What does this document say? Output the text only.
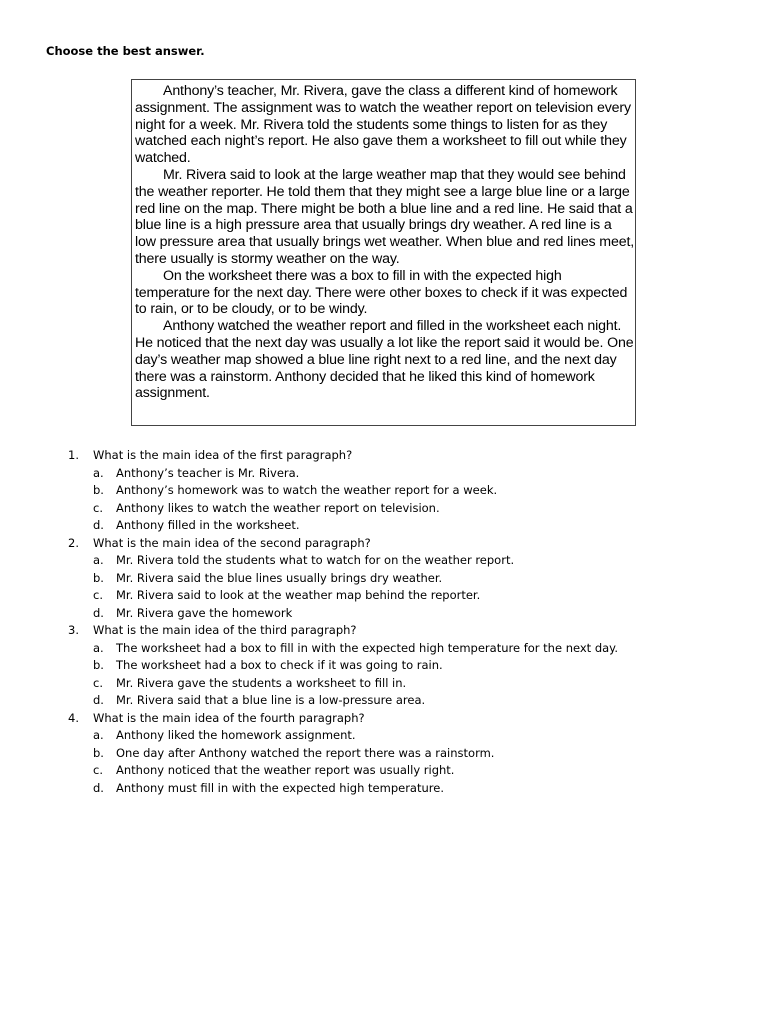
Choose the best answer.

Anthony’s teacher, Mr. Rivera, gave the class a different kind of homework assignment. The assignment was to watch the weather report on television every night for a week. Mr. Rivera told the students some things to listen for as they watched each night’s report. He also gave them a worksheet to fill out while they watched.

Mr. Rivera said to look at the large weather map that they would see behind the weather reporter. He told them that they might see a large blue line or a large red line on the map. There might be both a blue line and a red line. He said that a blue line is a high pressure area that usually brings dry weather. A red line is a low pressure area that usually brings wet weather. When blue and red lines meet, there usually is stormy weather on the way.

On the worksheet there was a box to fill in with the expected high temperature for the next day. There were other boxes to check if it was expected to rain, or to be cloudy, or to be windy.

Anthony watched the weather report and filled in the worksheet each night. He noticed that the next day was usually a lot like the report said it would be. One day’s weather map showed a blue line right next to a red line, and the next day there was a rainstorm. Anthony decided that he liked this kind of homework assignment.

1.	What is the main idea of the first paragraph?
a.	Anthony’s teacher is Mr. Rivera.
b.	Anthony’s homework was to watch the weather report for a week.
c.	Anthony likes to watch the weather report on television.
d.	Anthony filled in the worksheet.
2.	What is the main idea of the second paragraph?
a.	Mr. Rivera told the students what to watch for on the weather report.
b.	Mr. Rivera said the blue lines usually brings dry weather.
c.	Mr. Rivera said to look at the weather map behind the reporter.
d.	Mr. Rivera gave the homework
3.	What is the main idea of the third paragraph?
a.	The worksheet had a box to fill in with the expected high temperature for the next day.
b.	The worksheet had a box to check if it was going to rain.
c.	Mr. Rivera gave the students a worksheet to fill in.
d.	Mr. Rivera said that a blue line is a low-pressure area.
4.	What is the main idea of the fourth paragraph?
a.	Anthony liked the homework assignment.
b.	One day after Anthony watched the report there was a rainstorm.
c.	Anthony noticed that the weather report was usually right.
d.	Anthony must fill in with the expected high temperature.
